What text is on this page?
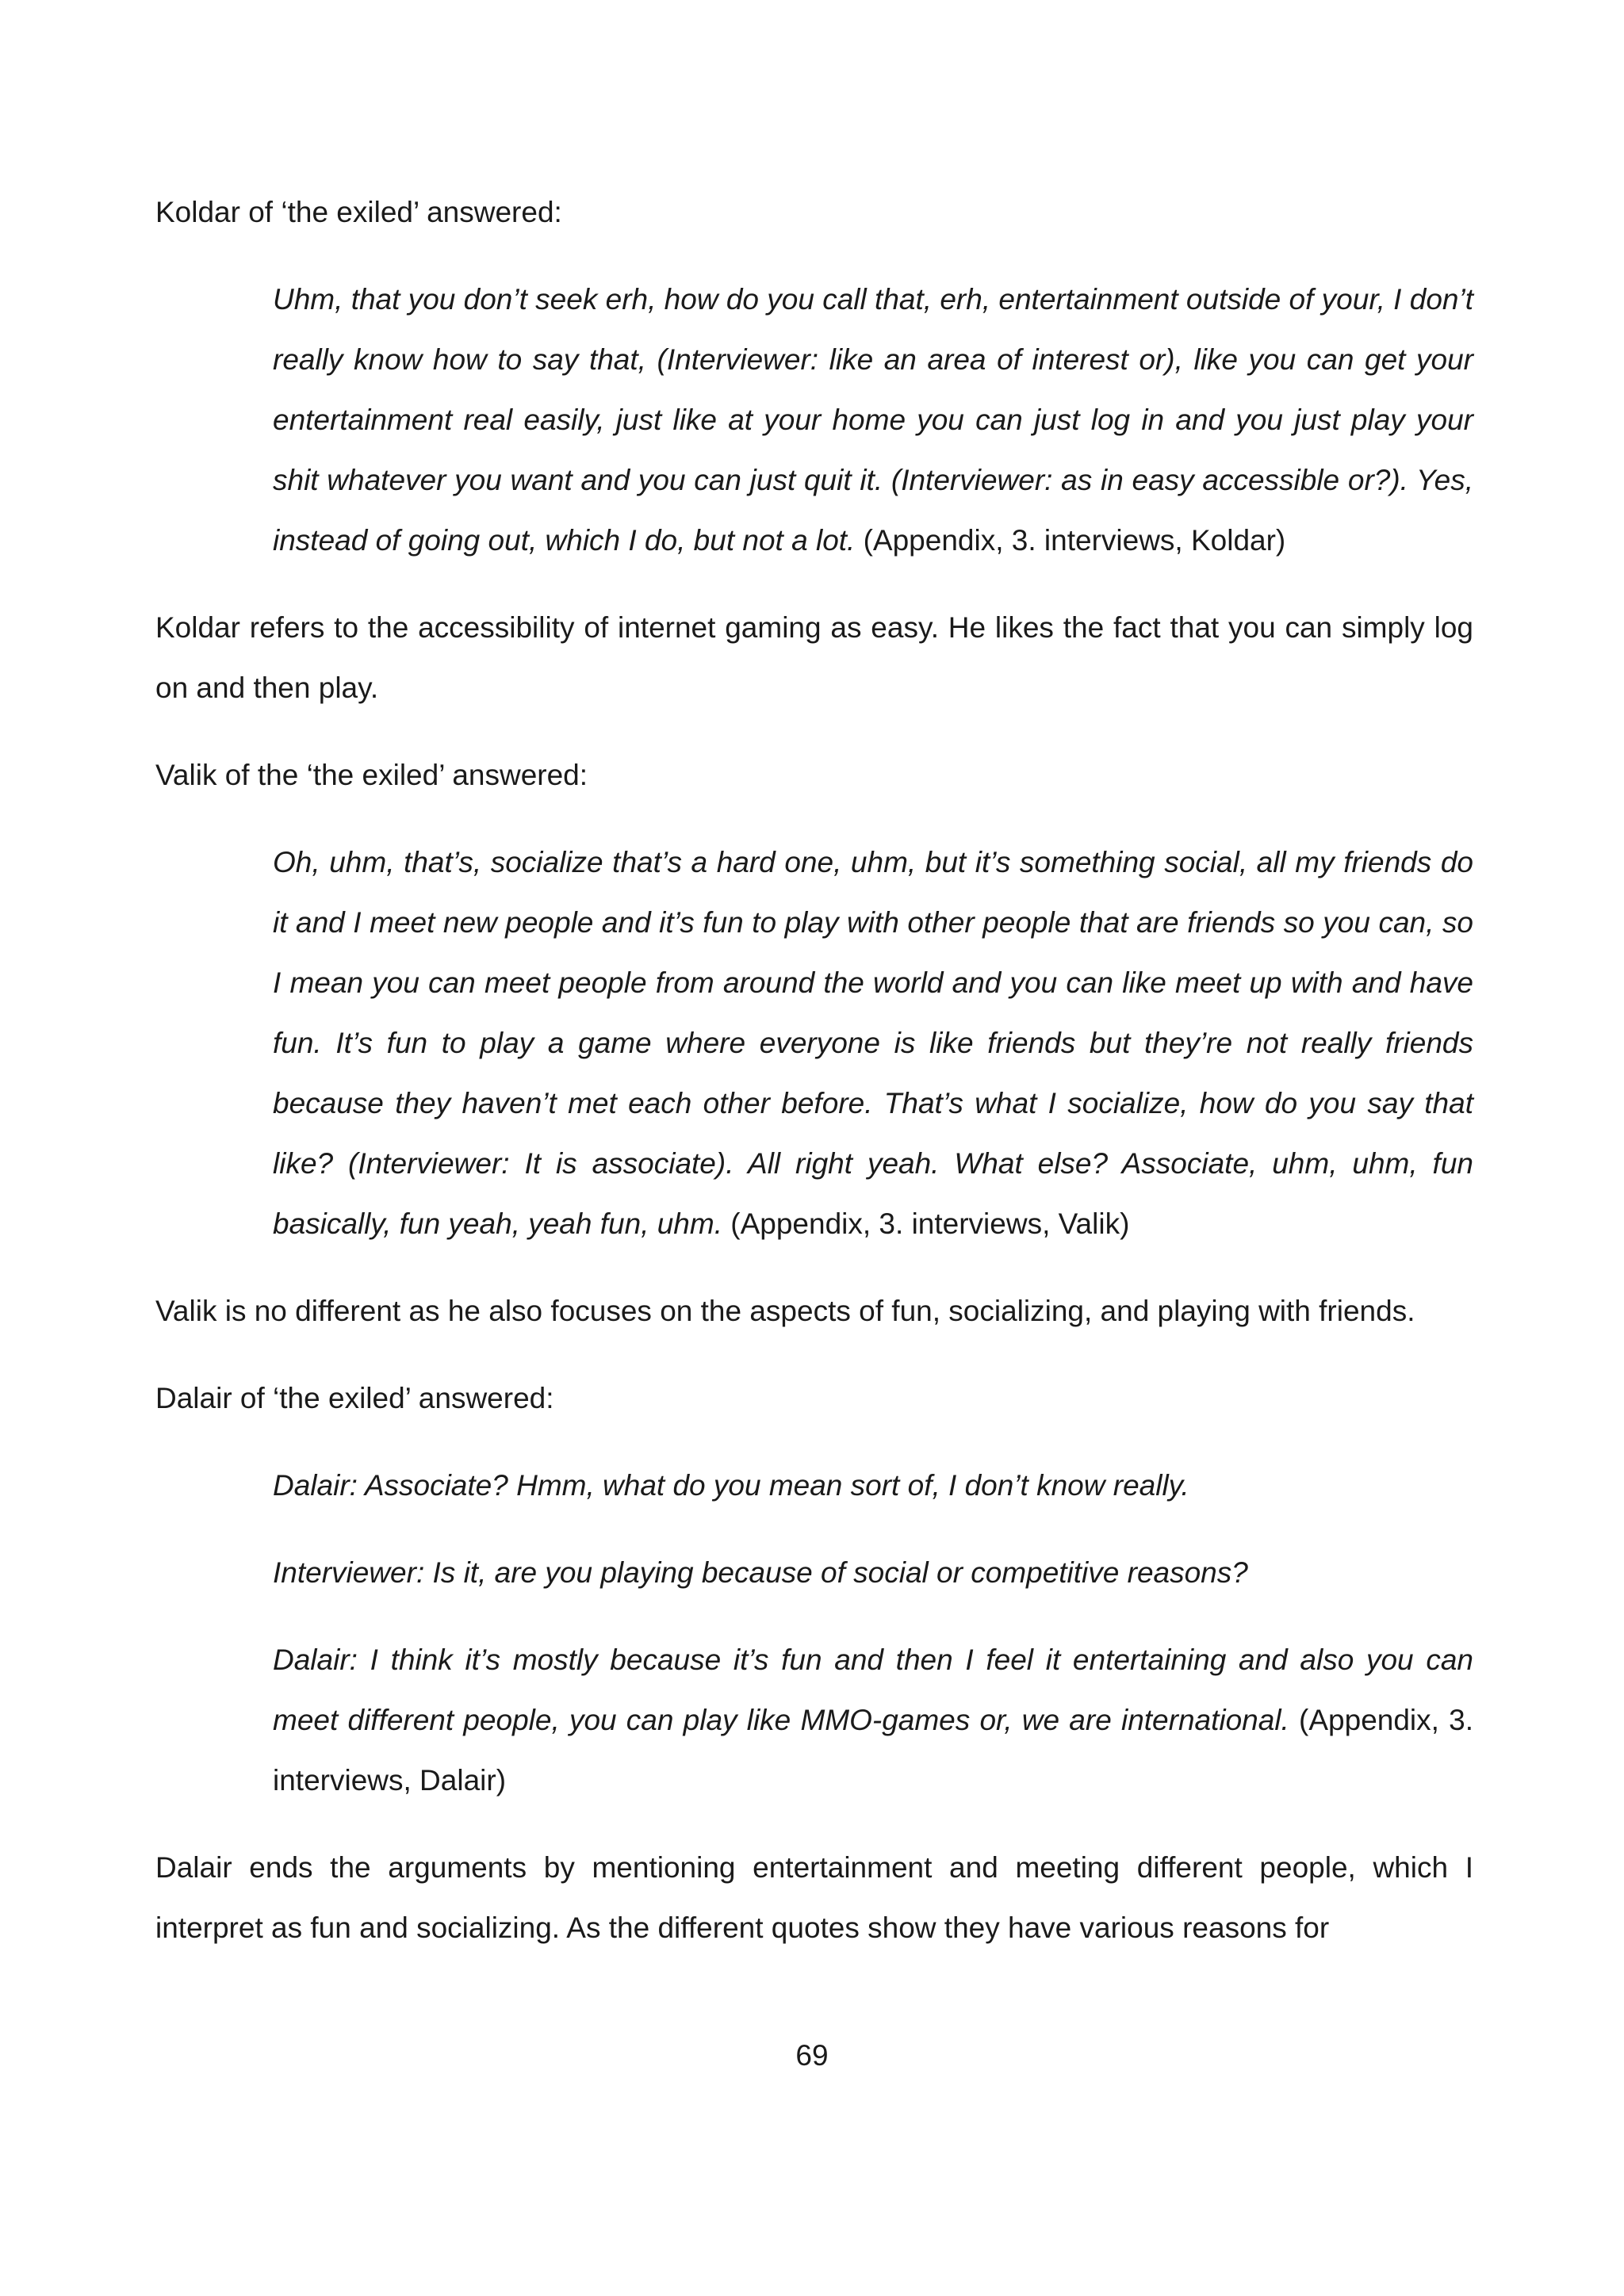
Koldar of ‘the exiled’ answered:

Uhm, that you don’t seek erh, how do you call that, erh, entertainment outside of your, I don’t really know how to say that, (Interviewer: like an area of interest or), like you can get your entertainment real easily, just like at your home you can just log in and you just play your shit whatever you want and you can just quit it. (Interviewer: as in easy accessible or?). Yes, instead of going out, which I do, but not a lot. (Appendix, 3. interviews, Koldar)

Koldar refers to the accessibility of internet gaming as easy. He likes the fact that you can simply log on and then play.

Valik of the ‘the exiled’ answered:

Oh, uhm, that’s, socialize that’s a hard one, uhm, but it’s something social, all my friends do it and I meet new people and it’s fun to play with other people that are friends so you can, so I mean you can meet people from around the world and you can like meet up with and have fun. It’s fun to play a game where everyone is like friends but they’re not really friends because they haven’t met each other before. That’s what I socialize, how do you say that like? (Interviewer: It is associate). All right yeah. What else? Associate, uhm, uhm, fun basically, fun yeah, yeah fun, uhm. (Appendix, 3. interviews, Valik)

Valik is no different as he also focuses on the aspects of fun, socializing, and playing with friends.

Dalair of ‘the exiled’ answered:

Dalair: Associate? Hmm, what do you mean sort of, I don’t know really.

Interviewer: Is it, are you playing because of social or competitive reasons?

Dalair: I think it’s mostly because it’s fun and then I feel it entertaining and also you can meet different people, you can play like MMO-games or, we are international. (Appendix, 3. interviews, Dalair)

Dalair ends the arguments by mentioning entertainment and meeting different people, which I interpret as fun and socializing. As the different quotes show they have various reasons for

69
